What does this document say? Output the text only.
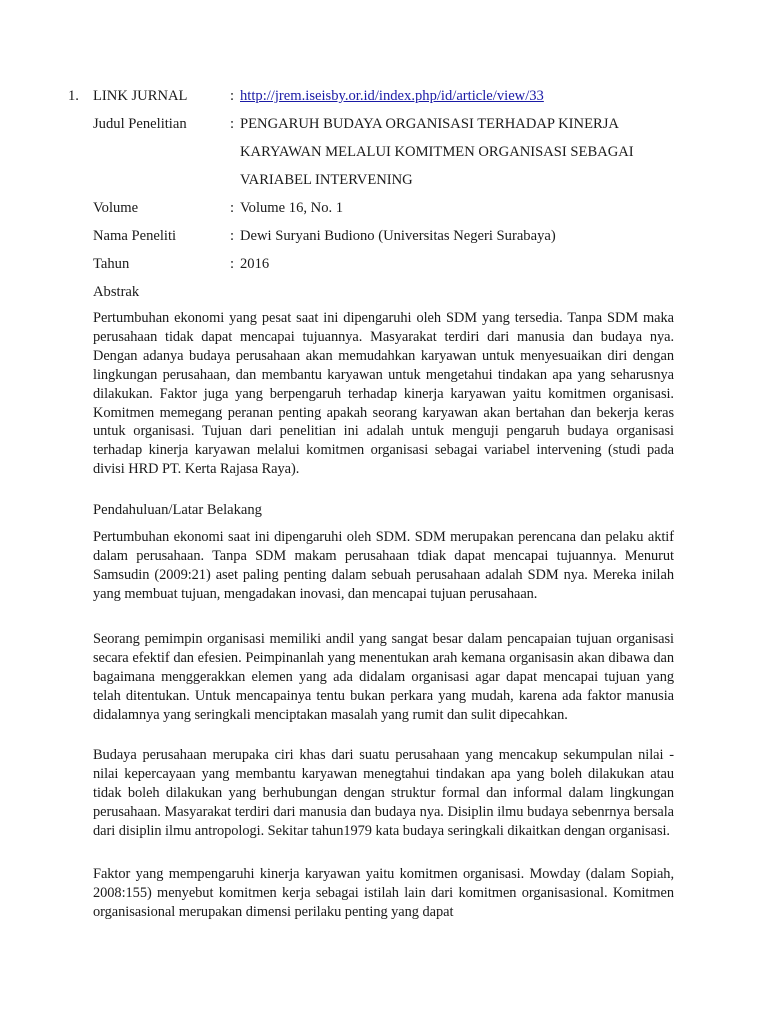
1. LINK JURNAL	: http://jrem.iseisby.or.id/index.php/id/article/view/33
Judul Penelitian	: PENGARUH BUDAYA ORGANISASI TERHADAP KINERJA
KARYAWAN MELALUI KOMITMEN ORGANISASI SEBAGAI
VARIABEL INTERVENING
Volume	: Volume 16, No. 1
Nama Peneliti	: Dewi Suryani Budiono (Universitas Negeri Surabaya)
Tahun	: 2016
Abstrak

Pertumbuhan ekonomi yang pesat saat ini dipengaruhi oleh SDM yang tersedia. Tanpa SDM maka perusahaan tidak dapat mencapai tujuannya. Masyarakat terdiri dari manusia dan budaya nya. Dengan adanya budaya perusahaan akan memudahkan karyawan untuk menyesuaikan diri dengan lingkungan perusahaan, dan membantu karyawan untuk mengetahui tindakan apa yang seharusnya dilakukan. Faktor juga yang berpengaruh terhadap kinerja karyawan yaitu komitmen organisasi. Komitmen memegang peranan penting apakah seorang karyawan akan bertahan dan bekerja keras untuk organisasi. Tujuan dari penelitian ini adalah untuk menguji pengaruh budaya organisasi terhadap kinerja karyawan melalui komitmen organisasi sebagai variabel intervening (studi pada divisi HRD PT. Kerta Rajasa Raya).

Pendahuluan/Latar Belakang

Pertumbuhan ekonomi saat ini dipengaruhi oleh SDM. SDM merupakan perencana dan pelaku aktif dalam perusahaan. Tanpa SDM makam perusahaan tdiak dapat mencapai tujuannya. Menurut Samsudin (2009:21) aset paling penting dalam sebuah perusahaan adalah SDM nya. Mereka inilah yang membuat tujuan, mengadakan inovasi, dan mencapai tujuan perusahaan.

Seorang pemimpin organisasi memiliki andil yang sangat besar dalam pencapaian tujuan organisasi secara efektif dan efesien. Peimpinanlah yang menentukan arah kemana organisasin akan dibawa dan bagaimana menggerakkan elemen yang ada didalam organisasi agar dapat mencapai tujuan yang telah ditentukan. Untuk mencapainya tentu bukan perkara yang mudah, karena ada faktor manusia didalamnya yang seringkali menciptakan masalah yang rumit dan sulit dipecahkan.

Budaya perusahaan merupaka ciri khas dari suatu perusahaan yang mencakup sekumpulan nilai - nilai kepercayaan yang membantu karyawan menegtahui tindakan apa yang boleh dilakukan atau tidak boleh dilakukan yang berhubungan dengan struktur formal dan informal dalam lingkungan perusahaan. Masyarakat terdiri dari manusia dan budaya nya. Disiplin ilmu budaya sebenrnya bersala dari disiplin ilmu antropologi. Sekitar tahun1979 kata budaya seringkali dikaitkan dengan organisasi.

Faktor yang mempengaruhi kinerja karyawan yaitu komitmen organisasi. Mowday (dalam Sopiah, 2008:155) menyebut komitmen kerja sebagai istilah lain dari komitmen organisasional. Komitmen organisasional merupakan dimensi perilaku penting yang dapat
